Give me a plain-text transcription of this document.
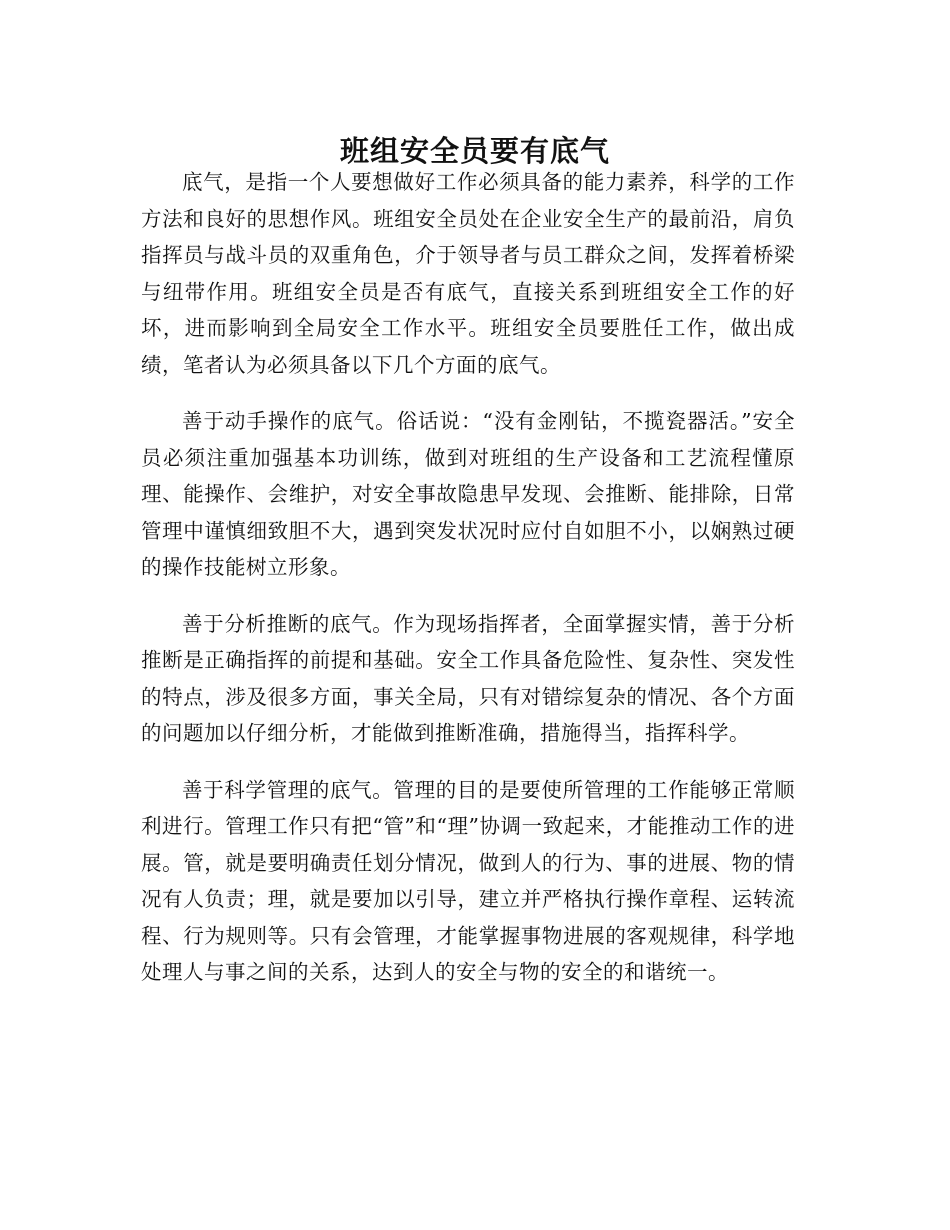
班组安全员要有底气

底气，是指一个人要想做好工作必须具备的能力素养，科学的工作方法和良好的思想作风。班组安全员处在企业安全生产的最前沿，肩负指挥员与战斗员的双重角色，介于领导者与员工群众之间，发挥着桥梁与纽带作用。班组安全员是否有底气，直接关系到班组安全工作的好坏，进而影响到全局安全工作水平。班组安全员要胜任工作，做出成绩，笔者认为必须具备以下几个方面的底气。

善于动手操作的底气。俗话说：“没有金刚钻，不揽瓷器活。”安全员必须注重加强基本功训练，做到对班组的生产设备和工艺流程懂原理、能操作、会维护，对安全事故隐患早发现、会推断、能排除，日常管理中谨慎细致胆不大，遇到突发状况时应付自如胆不小，以娴熟过硬的操作技能树立形象。

善于分析推断的底气。作为现场指挥者，全面掌握实情，善于分析推断是正确指挥的前提和基础。安全工作具备危险性、复杂性、突发性的特点，涉及很多方面，事关全局，只有对错综复杂的情况、各个方面的问题加以仔细分析，才能做到推断准确，措施得当，指挥科学。

善于科学管理的底气。管理的目的是要使所管理的工作能够正常顺利进行。管理工作只有把“管”和“理”协调一致起来，才能推动工作的进展。管，就是要明确责任划分情况，做到人的行为、事的进展、物的情况有人负责；理，就是要加以引导，建立并严格执行操作章程、运转流程、行为规则等。只有会管理，才能掌握事物进展的客观规律，科学地处理人与事之间的关系，达到人的安全与物的安全的和谐统一。
